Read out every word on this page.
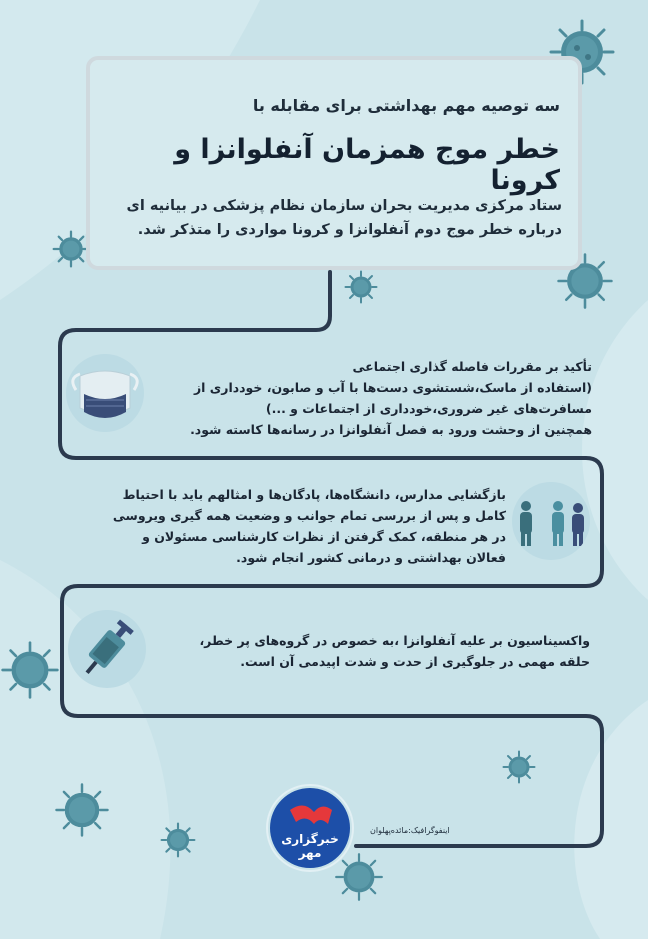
سه توصیه مهم بهداشتی برای مقابله با
خطر موج همزمان آنفلوانزا و کرونا
ستاد مرکزی مدیریت بحران سازمان نظام پزشکی در بیانیه ای
درباره خطر موج دوم آنفلوانزا و کرونا مواردی را متذکر شد.
تأکید بر مقررات فاصله گذاری اجتماعی
(استفاده از ماسک،شستشوی دست‌ها با آب و صابون، خودداری از
مسافرت‌های غیر ضروری،خودداری از اجتماعات و ...)
همچنین از وحشت ورود به فصل آنفلوانزا در رسانه‌ها کاسته شود.
بازگشایی مدارس، دانشگاه‌ها، پادگان‌ها و امثالهم باید با احتیاط
کامل و پس از بررسی تمام جوانب و وضعیت همه گیری ویروسی
در هر منطقه، کمک گرفتن از نظرات کارشناسی مسئولان و
فعالان بهداشتی و درمانی کشور انجام شود.
واکسیناسیون بر علیه آنفلوانزا ،به خصوص در گروه‌های پر خطر،
حلقه مهمی در جلوگیری از حدت و شدت اپیدمی آن است.
خبرگزاری مهر
اینفوگرافیک:مائده‌پهلوان
